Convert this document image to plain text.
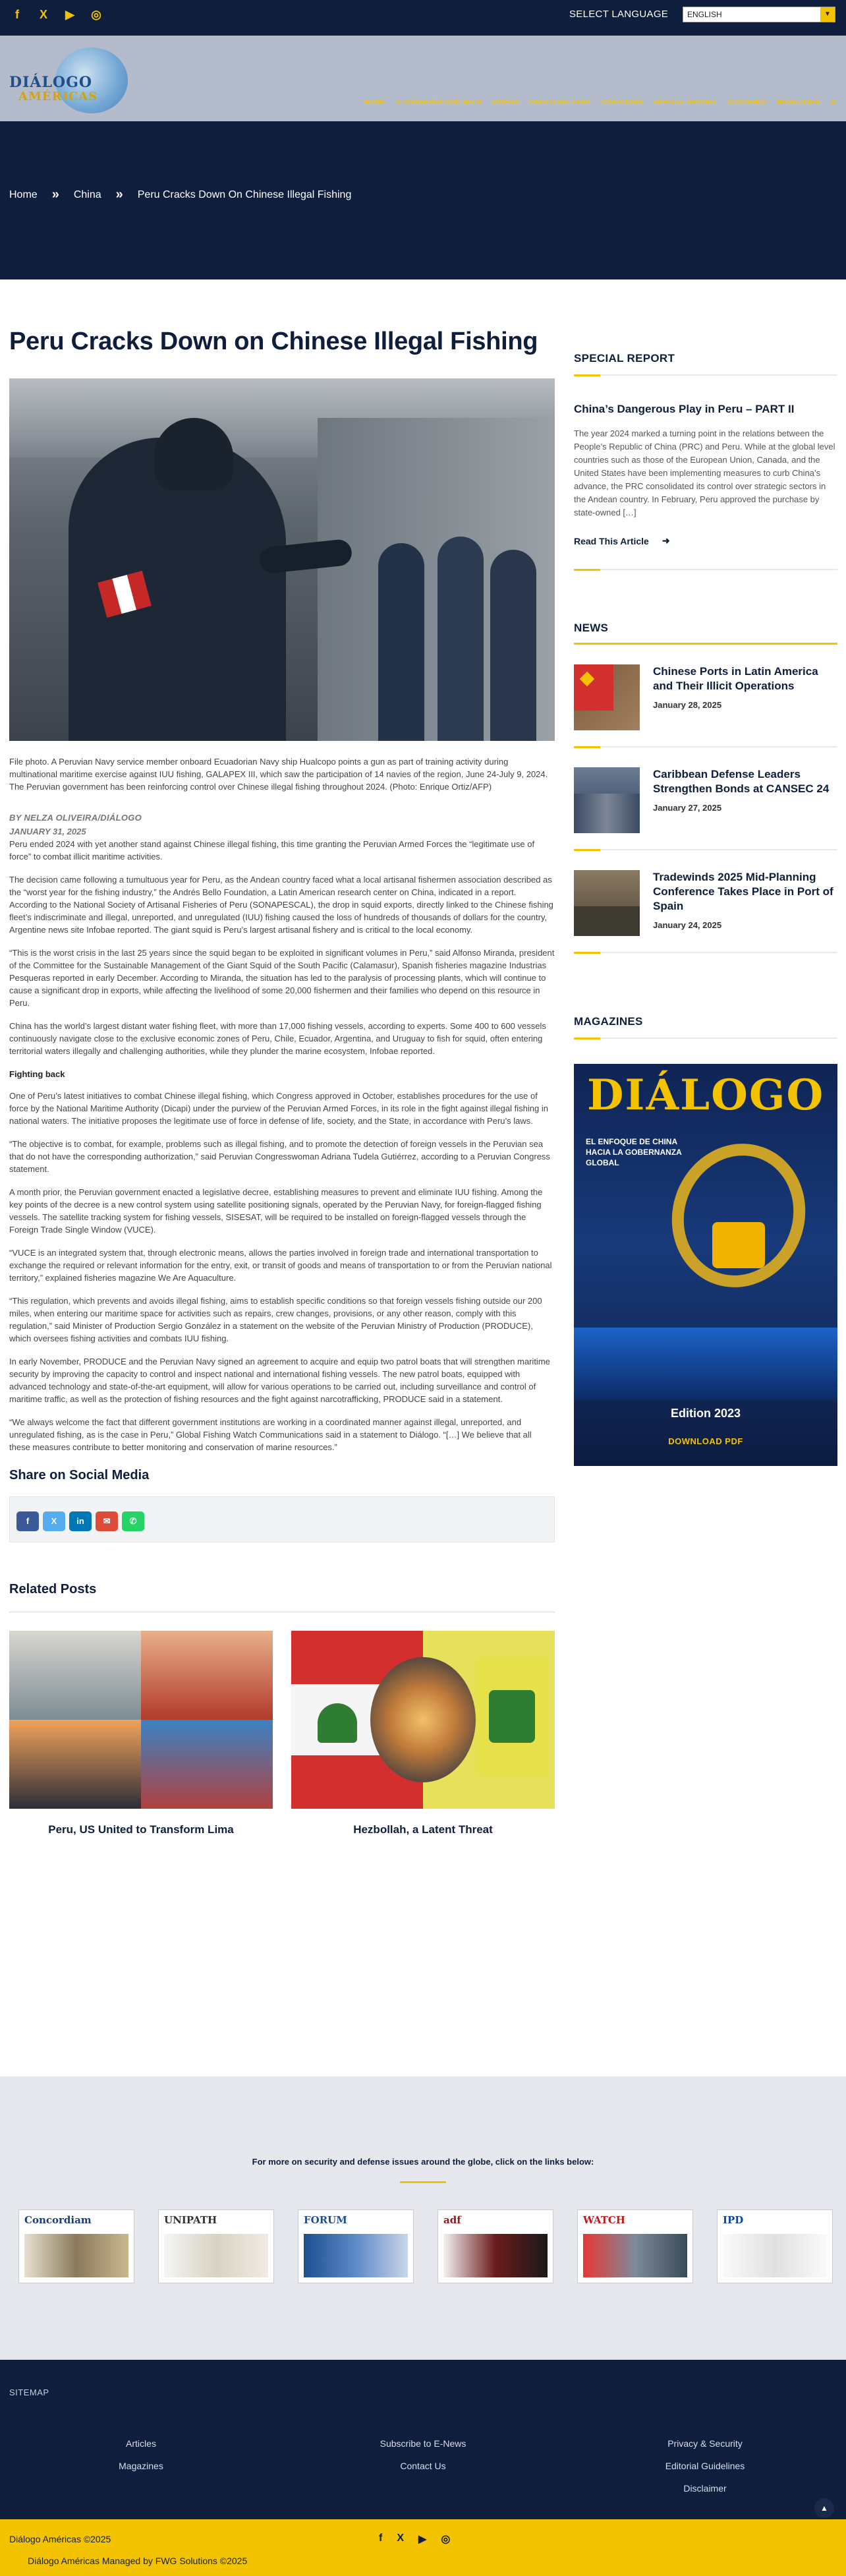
f	X	▶ ◎	SELECT LANGUAGE	ENGLISH	▼
DIÁLOGO
AMÉRICAS	HOME A CONVERSATION WITH VIDEOS PHOTO GALLERY CARTOONS SPECIAL REPORT ACADEMIA MAGAZINES ⌕
Home » China » Peru Cracks Down On Chinese Illegal Fishing
Peru Cracks Down on Chinese Illegal Fishing

File photo. A Peruvian Navy service member onboard Ecuadorian Navy ship Hualcopo points a gun as part of training activity during multinational maritime exercise against IUU fishing, GALAPEX III, which saw the participation of 14 navies of the region, June 24-July 9, 2024. The Peruvian government has been reinforcing control over Chinese illegal fishing throughout 2024. (Photo: Enrique Ortiz/AFP)

BY NELZA OLIVEIRA/DIÁLOGO
JANUARY 31, 2025

Peru ended 2024 with yet another stand against Chinese illegal fishing, this time granting the Peruvian Armed Forces the “legitimate use of force” to combat illicit maritime activities.

The decision came following a tumultuous year for Peru, as the Andean country faced what a local artisanal fishermen association described as the “worst year for the fishing industry,” the Andrés Bello Foundation, a Latin American research center on China, indicated in a report. According to the National Society of Artisanal Fisheries of Peru (SONAPESCAL), the drop in squid exports, directly linked to the Chinese fishing fleet’s indiscriminate and illegal, unreported, and unregulated (IUU) fishing caused the loss of hundreds of thousands of dollars for the country, Argentine news site Infobae reported. The giant squid is Peru’s largest artisanal fishery and is critical to the local economy.

“This is the worst crisis in the last 25 years since the squid began to be exploited in significant volumes in Peru,” said Alfonso Miranda, president of the Committee for the Sustainable Management of the Giant Squid of the South Pacific (Calamasur), Spanish fisheries magazine Industrias Pesqueras reported in early December. According to Miranda, the situation has led to the paralysis of processing plants, which will continue to cause a significant drop in exports, while affecting the livelihood of some 20,000 fishermen and their families who depend on this resource in Peru.

China has the world’s largest distant water fishing fleet, with more than 17,000 fishing vessels, according to experts. Some 400 to 600 vessels continuously navigate close to the exclusive economic zones of Peru, Chile, Ecuador, Argentina, and Uruguay to fish for squid, often entering territorial waters illegally and challenging authorities, while they plunder the marine ecosystem, Infobae reported.

Fighting back

One of Peru’s latest initiatives to combat Chinese illegal fishing, which Congress approved in October, establishes procedures for the use of force by the National Maritime Authority (Dicapi) under the purview of the Peruvian Armed Forces, in its role in the fight against illegal fishing in national waters. The initiative proposes the legitimate use of force in defense of life, society, and the State, in accordance with Peru’s laws.

“The objective is to combat, for example, problems such as illegal fishing, and to promote the detection of foreign vessels in the Peruvian sea that do not have the corresponding authorization,” said Peruvian Congresswoman Adriana Tudela Gutiérrez, according to a Peruvian Congress statement.

A month prior, the Peruvian government enacted a legislative decree, establishing measures to prevent and eliminate IUU fishing. Among the key points of the decree is a new control system using satellite positioning signals, operated by the Peruvian Navy, for foreign-flagged fishing vessels. The satellite tracking system for fishing vessels, SISESAT, will be required to be installed on foreign-flagged vessels through the Foreign Trade Single Window (VUCE).

“VUCE is an integrated system that, through electronic means, allows the parties involved in foreign trade and international transportation to exchange the required or relevant information for the entry, exit, or transit of goods and means of transportation to or from the Peruvian national territory,” explained fisheries magazine We Are Aquaculture.

“This regulation, which prevents and avoids illegal fishing, aims to establish specific conditions so that foreign vessels fishing outside our 200 miles, when entering our maritime space for activities such as repairs, crew changes, provisions, or any other reason, comply with this regulation,” said Minister of Production Sergio González in a statement on the website of the Peruvian Ministry of Production (PRODUCE), which oversees fishing activities and combats IUU fishing.

In early November, PRODUCE and the Peruvian Navy signed an agreement to acquire and equip two patrol boats that will strengthen maritime security by improving the capacity to control and inspect national and international fishing vessels. The new patrol boats, equipped with advanced technology and state-of-the-art equipment, will allow for various operations to be carried out, including surveillance and control of maritime traffic, as well as the protection of fishing resources and the fight against narcotrafficking, PRODUCE said in a statement.

“We always welcome the fact that different government institutions are working in a coordinated manner against illegal, unreported, and unregulated fishing, as is the case in Peru,” Global Fishing Watch Communications said in a statement to Diálogo. “[…] We believe that all these measures contribute to better monitoring and conservation of marine resources.”

Share on Social Media
f	X	in	✉	✆
Related Posts
Peru, US United to Transform Lima	Hezbollah, a Latent Threat
SPECIAL REPORT
China’s Dangerous Play in Peru – PART II
The year 2024 marked a turning point in the relations between the People’s Republic of China (PRC) and Peru. While at the global level countries such as those of the European Union, Canada, and the United States have been implementing measures to curb China’s advance, the PRC consolidated its control over strategic sectors in the Andean country. In February, Peru approved the purchase by state-owned […]
Read This Article ➜
NEWS
Chinese Ports in Latin America and Their Illicit Operations
January 28, 2025
Caribbean Defense Leaders Strengthen Bonds at CANSEC 24
January 27, 2025
Tradewinds 2025 Mid-Planning Conference Takes Place in Port of Spain
January 24, 2025
MAGAZINES
DIÁLOGO
EL ENFOQUE DE CHINA HACIA LA GOBERNANZA GLOBAL
Edition 2023
DOWNLOAD PDF
For more on security and defense issues around the globe, click on the links below:
Concordiam	UNIPATH	FORUM	adf	WATCH	IPD
SITEMAP
Articles
Magazines
Subscribe to E-News
Contact Us
Privacy & Security
Editorial Guidelines
Disclaimer
▲
Diálogo Américas ©2025	f X ▶ ◎
Diálogo Américas Managed by FWG Solutions ©2025
